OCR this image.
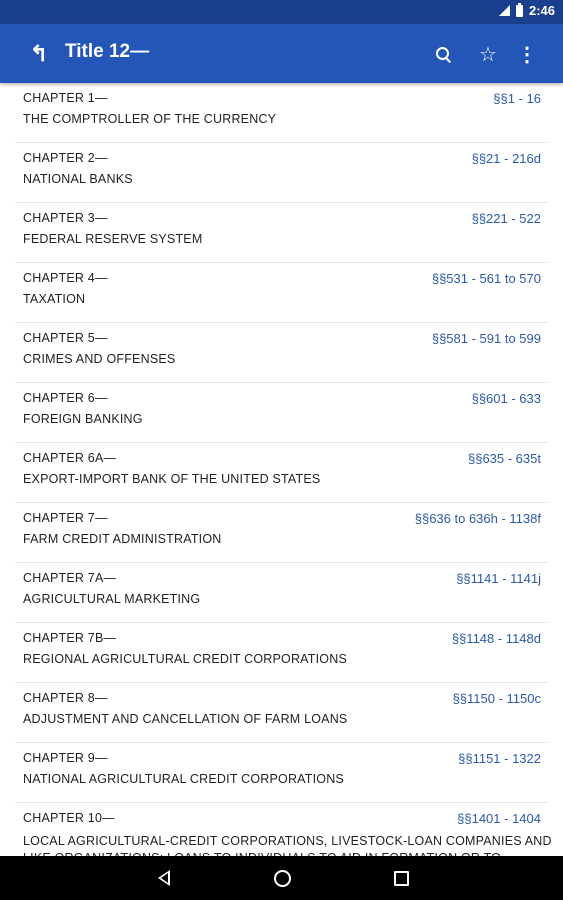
2:46
↰ Title 12—	☆	⋮
CHAPTER 1—	§§1 - 16
THE COMPTROLLER OF THE CURRENCY
CHAPTER 2—	§§21 - 216d
NATIONAL BANKS
CHAPTER 3—	§§221 - 522
FEDERAL RESERVE SYSTEM
CHAPTER 4—	§§531 - 561 to 570
TAXATION
CHAPTER 5—	§§581 - 591 to 599
CRIMES AND OFFENSES
CHAPTER 6—	§§601 - 633
FOREIGN BANKING
CHAPTER 6A—	§§635 - 635t
EXPORT-IMPORT BANK OF THE UNITED STATES
CHAPTER 7—	§§636 to 636h - 1138f
FARM CREDIT ADMINISTRATION
CHAPTER 7A—	§§1141 - 1141j
AGRICULTURAL MARKETING
CHAPTER 7B—	§§1148 - 1148d
REGIONAL AGRICULTURAL CREDIT CORPORATIONS
CHAPTER 8—	§§1150 - 1150c
ADJUSTMENT AND CANCELLATION OF FARM LOANS
CHAPTER 9—	§§1151 - 1322
NATIONAL AGRICULTURAL CREDIT CORPORATIONS
CHAPTER 10—	§§1401 - 1404
LOCAL AGRICULTURAL-CREDIT CORPORATIONS, LIVESTOCK-LOAN COMPANIES AND
